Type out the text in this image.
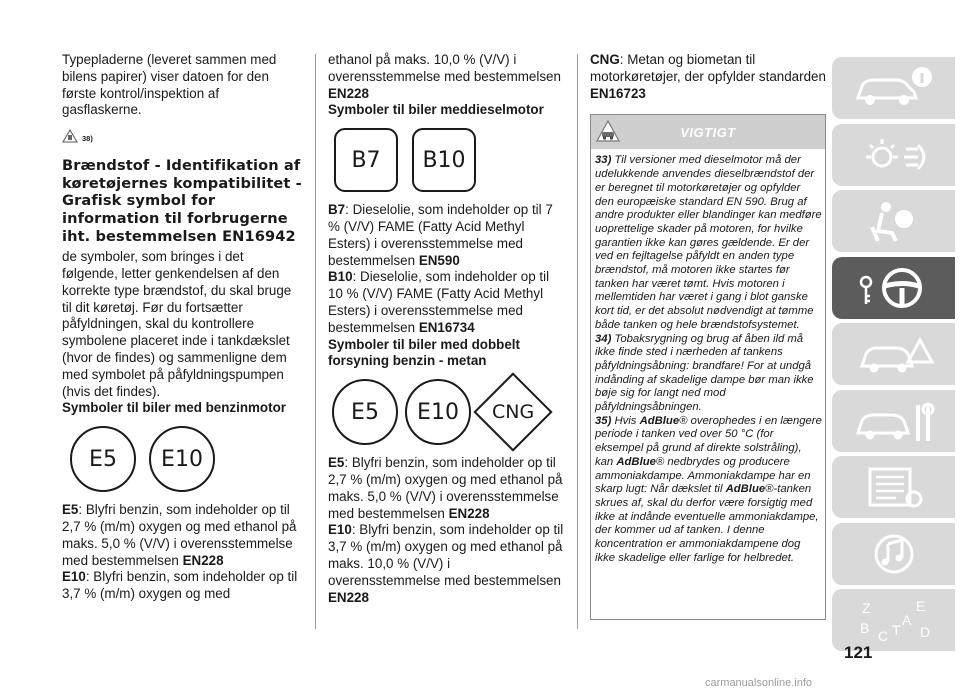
Typepladerne (leveret sammen med bilens papirer) viser datoen for den første kontrol/inspektion af gasflaskerne.

38)
Brændstof - Identifikation af køretøjernes kompatibilitet - Grafisk symbol for information til forbrugerne iht. bestemmelsen EN16942

de symboler, som bringes i det følgende, letter genkendelsen af den korrekte type brændstof, du skal bruge til dit køretøj. Før du fortsætter påfyldningen, skal du kontrollere symbolene placeret inde i tankdækslet (hvor de findes) og sammenligne dem med symbolet på påfyldningspumpen (hvis det findes).

Symboler til biler med benzinmotor
E5 E10

E5: Blyfri benzin, som indeholder op til 2,7 % (m/m) oxygen og med ethanol på maks. 5,0 % (V/V) i overensstemmelse med bestemmelsen EN228

E10: Blyfri benzin, som indeholder op til 3,7 % (m/m) oxygen og med

ethanol på maks. 10,0 % (V/V) i overensstemmelse med bestemmelsen EN228

Symboler til biler meddieselmotor
B7 B10

B7: Dieselolie, som indeholder op til 7 % (V/V) FAME (Fatty Acid Methyl Esters) i overensstemmelse med bestemmelsen EN590

B10: Dieselolie, som indeholder op til 10 % (V/V) FAME (Fatty Acid Methyl Esters) i overensstemmelse med bestemmelsen EN16734

Symboler til biler med dobbelt forsyning benzin - metan
E5 E10 CNG

E5: Blyfri benzin, som indeholder op til 2,7 % (m/m) oxygen og med ethanol på maks. 5,0 % (V/V) i overensstemmelse med bestemmelsen EN228

E10: Blyfri benzin, som indeholder op til 3,7 % (m/m) oxygen og med ethanol på maks. 10,0 % (V/V) i overensstemmelse med bestemmelsen EN228

CNG: Metan og biometan til motorkøretøjer, der opfylder standarden EN16723

VIGTIGT

33) Til versioner med dieselmotor må der udelukkende anvendes dieselbrændstof der er beregnet til motorkøretøjer og opfylder den europæiske standard EN 590. Brug af andre produkter eller blandinger kan medføre uoprettelige skader på motoren, for hvilke garantien ikke kan gøres gældende. Er der ved en fejltagelse påfyldt en anden type brændstof, må motoren ikke startes før tanken har været tømt. Hvis motoren i mellemtiden har været i gang i blot ganske kort tid, er det absolut nødvendigt at tømme både tanken og hele brændstofsystemet.

34) Tobaksrygning og brug af åben ild må ikke finde sted i nærheden af tankens påfyldningsåbning: brandfare! For at undgå indånding af skadelige dampe bør man ikke bøje sig for langt ned mod påfyldningsåbningen.

35) Hvis AdBlue® overophedes i en længere periode i tanken ved over 50 °C (for eksempel på grund af direkte solstråling), kan AdBlue® nedbrydes og producere ammoniakdampe. Ammoniakdampe har en skarp lugt: Når dækslet til AdBlue®-tanken skrues af, skal du derfor være forsigtig med ikke at indånde eventuelle ammoniakdampe, der kommer ud af tanken. I denne koncentration er ammoniakdampene dog ikke skadelige eller farlige for helbredet.

Z	E
A
B C T D
121
carmanualsonline.info
